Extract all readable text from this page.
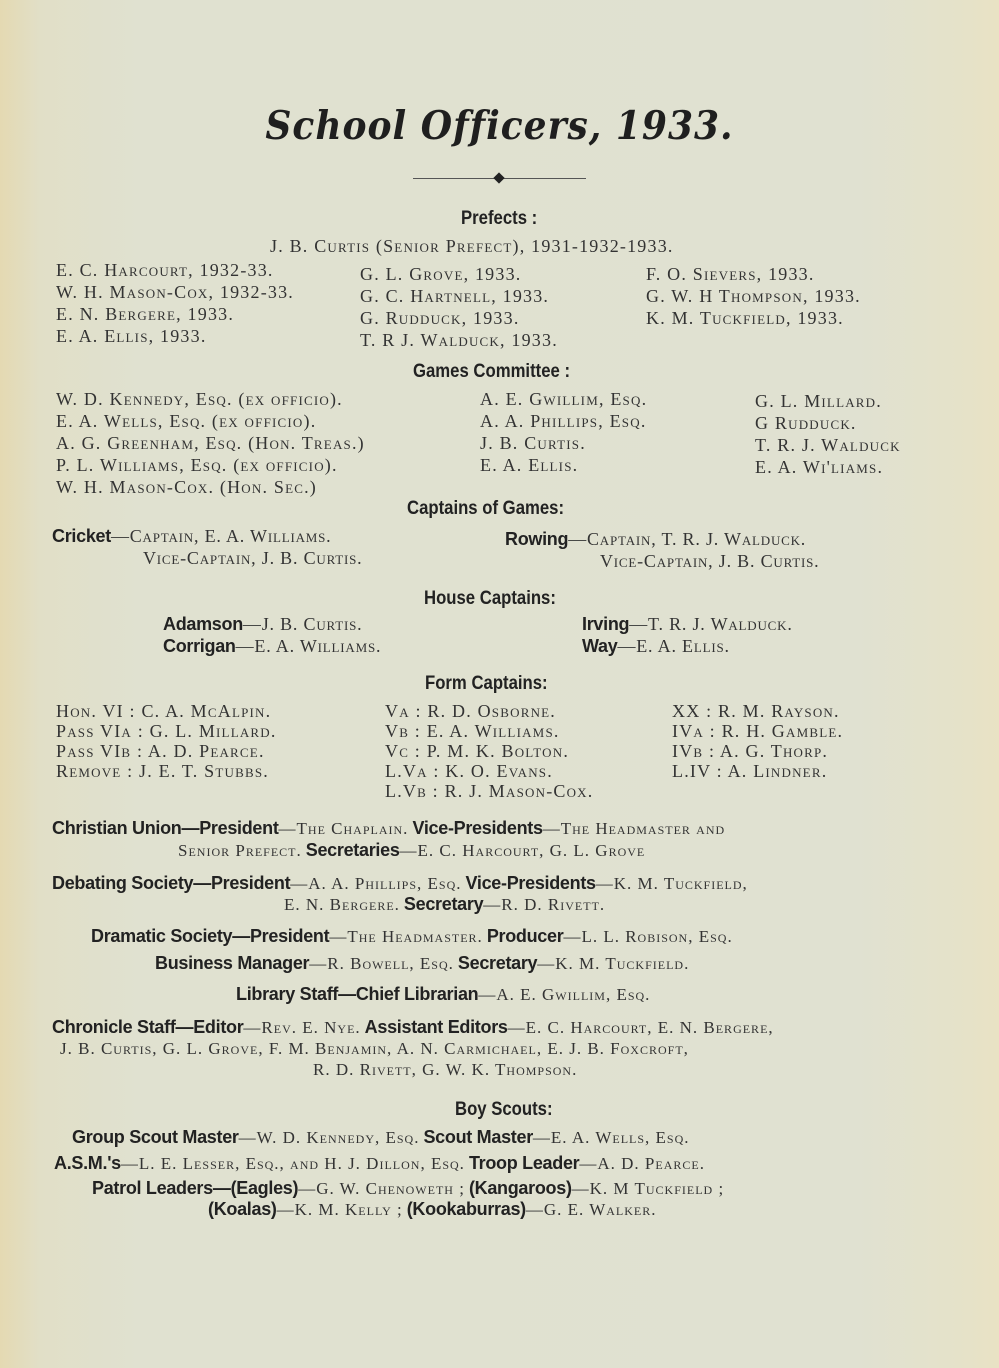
School Officers, 1933.
Prefects :
J. B. Curtis (Senior Prefect), 1931-1932-1933.
E. C. Harcourt, 1932-33.
W. H. Mason-Cox, 1932-33.
E. N. Bergere, 1933.
E. A. Ellis, 1933.
G. L. Grove, 1933.
G. C. Hartnell, 1933.
G. Rudduck, 1933.
T. R J. Walduck, 1933.
F. O. Sievers, 1933.
G. W. H Thompson, 1933.
K. M. Tuckfield, 1933.
Games Committee :
W. D. Kennedy, Esq. (ex officio).
E. A. Wells, Esq. (ex officio).
A. G. Greenham, Esq. (Hon. Treas.)
P. L. Williams, Esq. (ex officio).
W. H. Mason-Cox. (Hon. Sec.)
A. E. Gwillim, Esq.
A. A. Phillips, Esq.
J. B. Curtis.
E. A. Ellis.
G. L. Millard.
G Rudduck.
T. R. J. Walduck
E. A. Wi'liams.
Captains of Games:
Cricket—Captain, E. A. Williams.
Vice-Captain, J. B. Curtis.
Rowing—Captain, T. R. J. Walduck.
Vice-Captain, J. B. Curtis.
House Captains:
Adamson—J. B. Curtis.
Corrigan—E. A. Williams.
Irving—T. R. J. Walduck.
Way—E. A. Ellis.
Form Captains:
Hon. VI : C. A. McAlpin.
Pass VIa : G. L. Millard.
Pass VIb : A. D. Pearce.
Remove : J. E. T. Stubbs.
Va : R. D. Osborne.
Vb : E. A. Williams.
Vc : P. M. K. Bolton.
L.Va : K. O. Evans.
L.Vb : R. J. Mason-Cox.
XX : R. M. Rayson.
IVa : R. H. Gamble.
IVb : A. G. Thorp.
L.IV : A. Lindner.
Christian Union—President—The Chaplain. Vice-Presidents—The Headmaster and
Senior Prefect. Secretaries—E. C. Harcourt, G. L. Grove
Debating Society—President—A. A. Phillips, Esq. Vice-Presidents—K. M. Tuckfield,
E. N. Bergere. Secretary—R. D. Rivett.
Dramatic Society—President—The Headmaster. Producer—L. L. Robison, Esq.
Business Manager—R. Bowell, Esq. Secretary—K. M. Tuckfield.
Library Staff—Chief Librarian—A. E. Gwillim, Esq.
Chronicle Staff—Editor—Rev. E. Nye. Assistant Editors—E. C. Harcourt, E. N. Bergere,
J. B. Curtis, G. L. Grove, F. M. Benjamin, A. N. Carmichael, E. J. B. Foxcroft,
R. D. Rivett, G. W. K. Thompson.
Boy Scouts:
Group Scout Master—W. D. Kennedy, Esq. Scout Master—E. A. Wells, Esq.
A.S.M.'s—L. E. Lesser, Esq., and H. J. Dillon, Esq. Troop Leader—A. D. Pearce.
Patrol Leaders—(Eagles)—G. W. Chenoweth ; (Kangaroos)—K. M Tuckfield ;
(Koalas)—K. M. Kelly ; (Kookaburras)—G. E. Walker.
